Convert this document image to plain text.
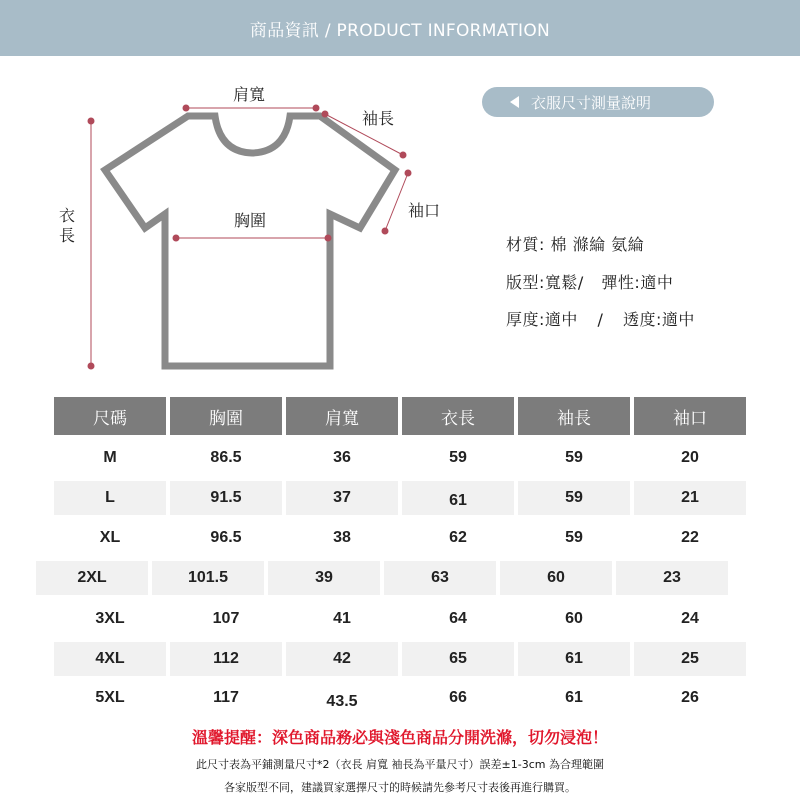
商品資訊 / PRODUCT INFORMATION
肩寬
袖長
袖口
胸圍
衣
長
衣服尺寸測量說明
材質: 棉 滌綸 氨綸
版型:寬鬆/ 彈性:適中
厚度:適中 / 透度:適中
尺碼	胸圍	肩寬	衣長	袖長	袖口
M	86.5	36	59	59	20
L	91.5	37	61	59	21
XL	96.5	38	62	59	22
2XL	101.5	39	63	60	23
3XL	107	41	64	60	24
4XL	112	42	65	61	25
5XL	117	43.5	66	61	26
溫馨提醒：深色商品務必與淺色商品分開洗滌，切勿浸泡！
此尺寸表為平鋪測量尺寸*2（衣長 肩寬 袖長為平量尺寸）誤差±1-3cm 為合理範圍
各家版型不同，建議買家選擇尺寸的時候請先參考尺寸表後再進行購買。
